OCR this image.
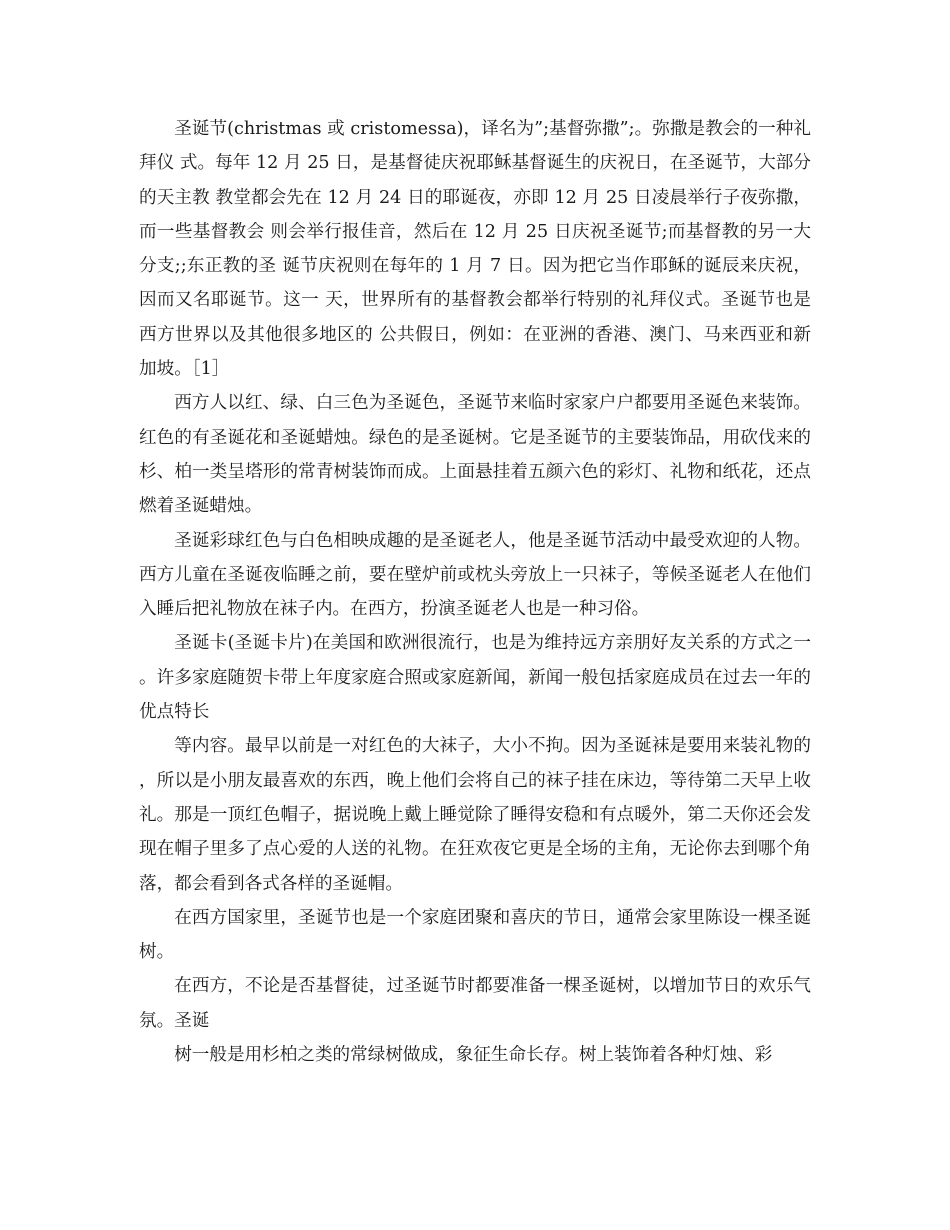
圣诞节(christmas 或 cristomessa)，译名为”;基督弥撒”;。弥撒是教会的一种礼拜仪 式。每年 12 月 25 日，是基督徒庆祝耶稣基督诞生的庆祝日，在圣诞节，大部分的天主教 教堂都会先在 12 月 24 日的耶诞夜，亦即 12 月 25 日凌晨举行子夜弥撒，而一些基督教会 则会举行报佳音，然后在 12 月 25 日庆祝圣诞节;而基督教的另一大分支;;东正教的圣 诞节庆祝则在每年的 1 月 7 日。因为把它当作耶稣的诞辰来庆祝，因而又名耶诞节。这一 天，世界所有的基督教会都举行特别的礼拜仪式。圣诞节也是西方世界以及其他很多地区的 公共假日，例如：在亚洲的香港、澳门、马来西亚和新加坡。［1］

西方人以红、绿、白三色为圣诞色，圣诞节来临时家家户户都要用圣诞色来装饰。红色的有圣诞花和圣诞蜡烛。绿色的是圣诞树。它是圣诞节的主要装饰品，用砍伐来的杉、柏一类呈塔形的常青树装饰而成。上面悬挂着五颜六色的彩灯、礼物和纸花，还点燃着圣诞蜡烛。

圣诞彩球红色与白色相映成趣的是圣诞老人，他是圣诞节活动中最受欢迎的人物。西方儿童在圣诞夜临睡之前，要在壁炉前或枕头旁放上一只袜子，等候圣诞老人在他们入睡后把礼物放在袜子内。在西方，扮演圣诞老人也是一种习俗。

圣诞卡(圣诞卡片)在美国和欧洲很流行，也是为维持远方亲朋好友关系的方式之一。许多家庭随贺卡带上年度家庭合照或家庭新闻，新闻一般包括家庭成员在过去一年的优点特长

等内容。最早以前是一对红色的大袜子，大小不拘。因为圣诞袜是要用来装礼物的，所以是小朋友最喜欢的东西，晚上他们会将自己的袜子挂在床边，等待第二天早上收礼。那是一顶红色帽子，据说晚上戴上睡觉除了睡得安稳和有点暖外，第二天你还会发现在帽子里多了点心爱的人送的礼物。在狂欢夜它更是全场的主角，无论你去到哪个角落，都会看到各式各样的圣诞帽。

在西方国家里，圣诞节也是一个家庭团聚和喜庆的节日，通常会家里陈设一棵圣诞树。

在西方，不论是否基督徒，过圣诞节时都要准备一棵圣诞树，以增加节日的欢乐气氛。圣诞

树一般是用杉柏之类的常绿树做成，象征生命长存。树上装饰着各种灯烛、彩
